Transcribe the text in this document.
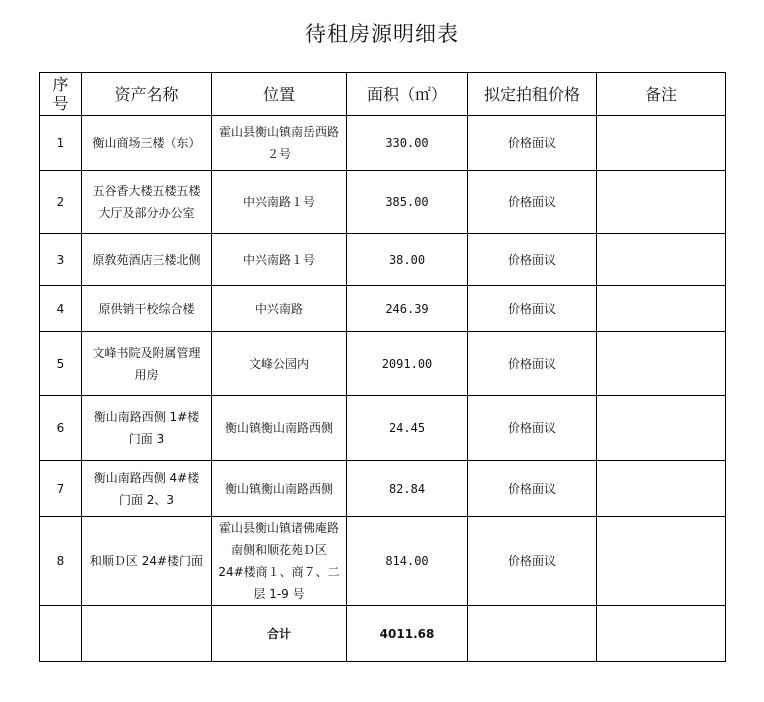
待租房源明细表
序号	资产名称	位置	面积（㎡）	拟定拍租价格	备注
1	衡山商场三楼（东）	霍山县衡山镇南岳西路２号	330.00	价格面议	
2	五谷香大楼五楼五楼大厅及部分办公室	中兴南路１号	385.00	价格面议	
3	原敎苑酒店三楼北侧	中兴南路１号	38.00	价格面议	
4	原供销干校综合楼	中兴南路	246.39	价格面议	
5	文峰书院及附属管理用房	文峰公园内	2091.00	价格面议	
6	衡山南路西侧 1#楼门面 3	衡山镇衡山南路西侧	24.45	价格面议	
7	衡山南路西侧 4#楼门面 2、3	衡山镇衡山南路西侧	82.84	价格面议	
8	和顺Ｄ区 24#楼门面	霍山县衡山镇诸佛庵路南侧和顺花苑Ｄ区 24#楼商１、商７、二层 1-9 号	814.00	价格面议	
		合计	4011.68		
